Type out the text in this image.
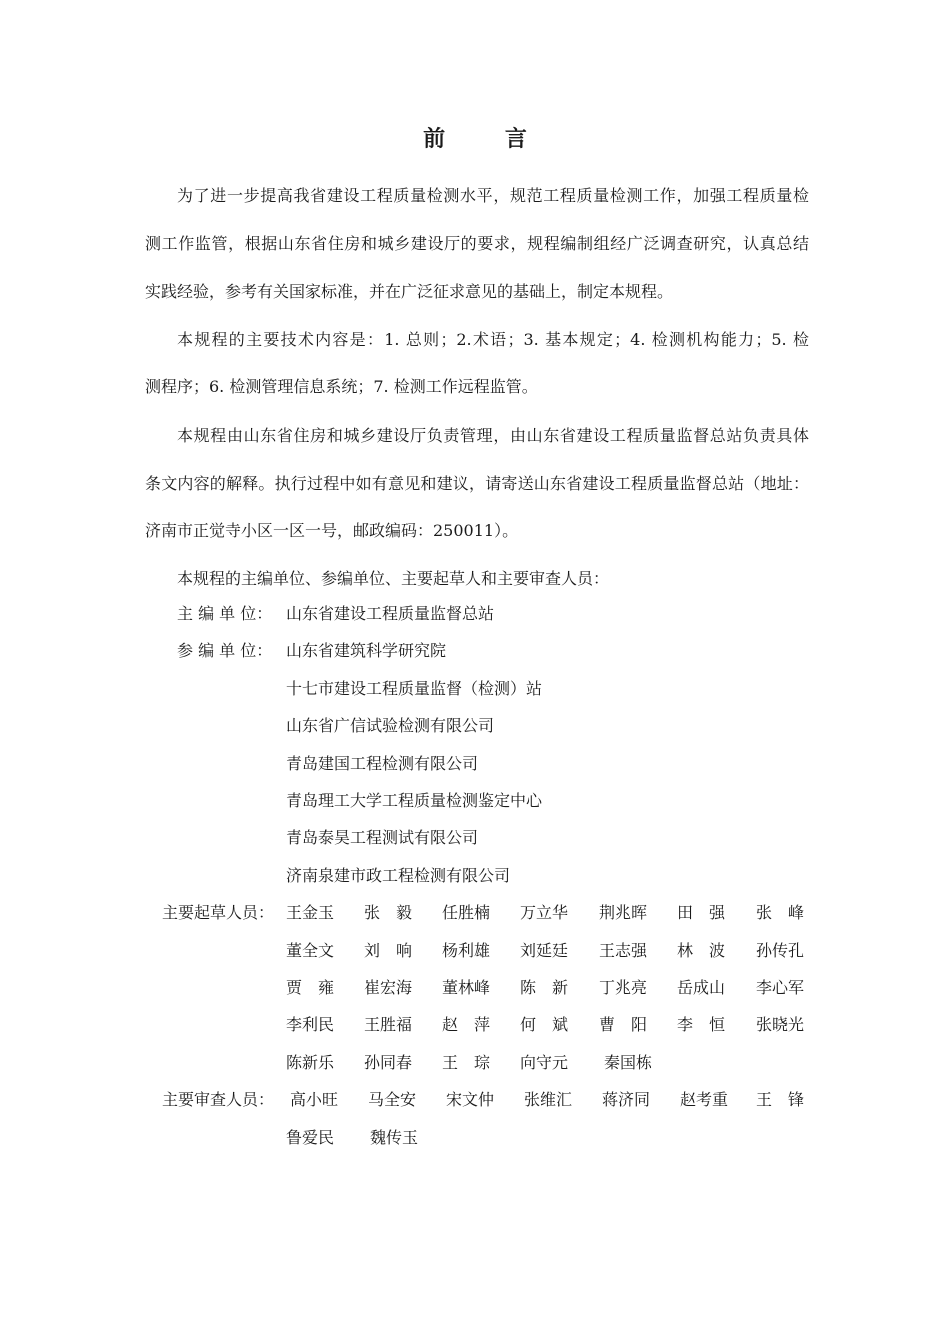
前 言
为了进一步提高我省建设工程质量检测水平，规范工程质量检测工作，加强工程质量检
测工作监管，根据山东省住房和城乡建设厅的要求，规程编制组经广泛调查研究，认真总结
实践经验，参考有关国家标准，并在广泛征求意见的基础上，制定本规程。
本规程的主要技术内容是：1. 总则；2.术语；3. 基本规定；4. 检测机构能力；5. 检
测程序；6. 检测管理信息系统；7. 检测工作远程监管。
本规程由山东省住房和城乡建设厅负责管理，由山东省建设工程质量监督总站负责具体
条文内容的解释。执行过程中如有意见和建议，请寄送山东省建设工程质量监督总站（地址：
济南市正觉寺小区一区一号，邮政编码：250011）。
本规程的主编单位、参编单位、主要起草人和主要审查人员：
主 编 单 位： 山东省建设工程质量监督总站
参 编 单 位： 山东省建筑科学研究院
十七市建设工程质量监督（检测）站
山东省广信试验检测有限公司
青岛建国工程检测有限公司
青岛理工大学工程质量检测鉴定中心
青岛泰昊工程测试有限公司
济南泉建市政工程检测有限公司
主要起草人员： 王金玉 张　毅 任胜楠 万立华 荆兆晖 田　强 张　峰
董全文 刘　响 杨利雄 刘延廷 王志强 林　波 孙传孔
贾　雍 崔宏海 董林峰 陈　新 丁兆亮 岳成山 李心军
李利民 王胜福 赵　萍 何　斌 曹　阳 李　恒 张晓光
陈新乐 孙同春 王　琮 向守元 秦国栋
主要审查人员： 高小旺 马全安 宋文仲 张维汇 蒋济同 赵考重 王　锋
鲁爱民 魏传玉
